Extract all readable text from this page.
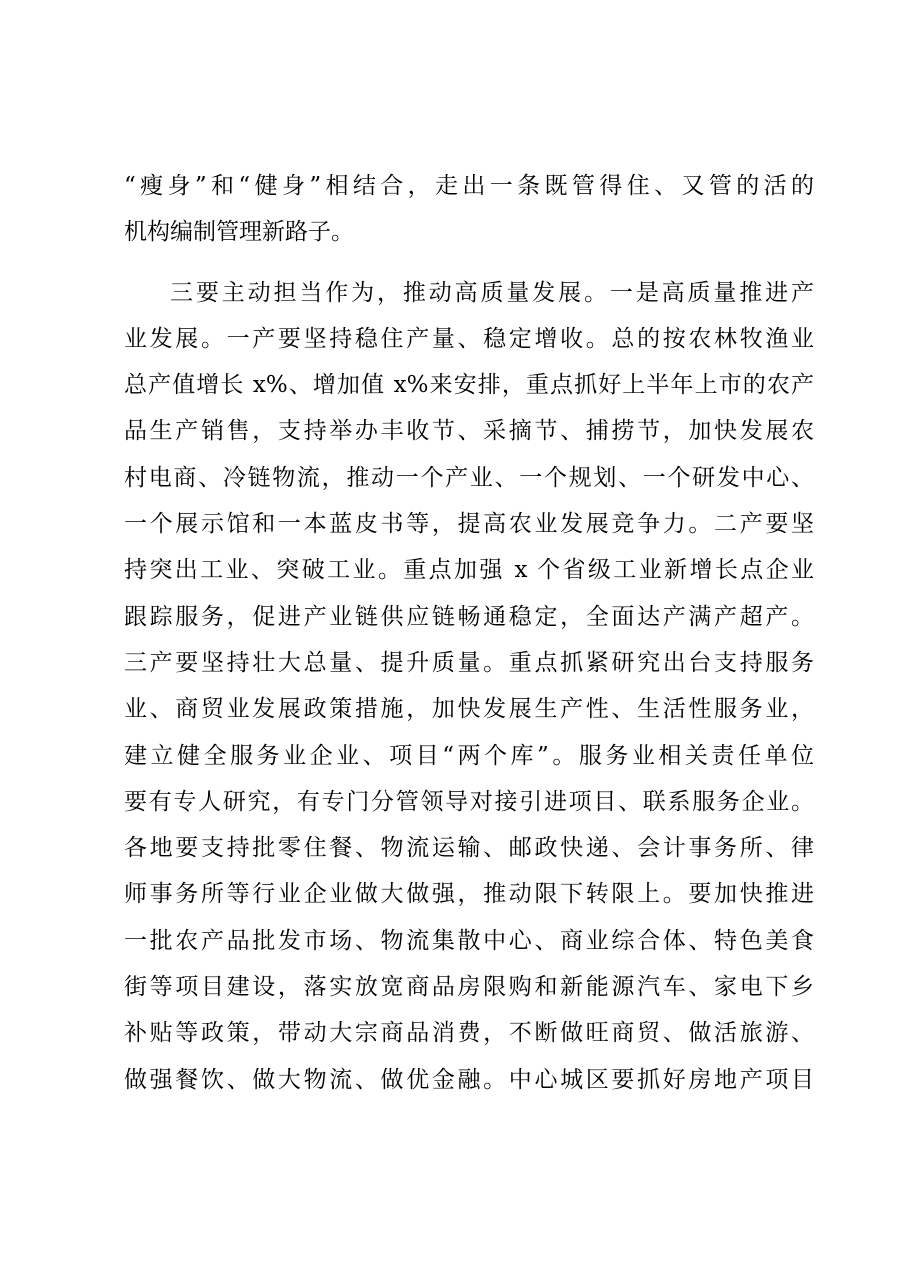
“瘦身”和“健身”相结合，走出一条既管得住、又管的活的
机构编制管理新路子。
三要主动担当作为，推动高质量发展。一是高质量推进产
业发展。一产要坚持稳住产量、稳定增收。总的按农林牧渔业
总产值增长 x%、增加值 x%来安排，重点抓好上半年上市的农产
品生产销售，支持举办丰收节、采摘节、捕捞节，加快发展农
村电商、冷链物流，推动一个产业、一个规划、一个研发中心、
一个展示馆和一本蓝皮书等，提高农业发展竞争力。二产要坚
持突出工业、突破工业。重点加强 x 个省级工业新增长点企业
跟踪服务，促进产业链供应链畅通稳定，全面达产满产超产。
三产要坚持壮大总量、提升质量。重点抓紧研究出台支持服务
业、商贸业发展政策措施，加快发展生产性、生活性服务业，
建立健全服务业企业、项目“两个库”。服务业相关责任单位
要有专人研究，有专门分管领导对接引进项目、联系服务企业。
各地要支持批零住餐、物流运输、邮政快递、会计事务所、律
师事务所等行业企业做大做强，推动限下转限上。要加快推进
一批农产品批发市场、物流集散中心、商业综合体、特色美食
街等项目建设，落实放宽商品房限购和新能源汽车、家电下乡
补贴等政策，带动大宗商品消费，不断做旺商贸、做活旅游、
做强餐饮、做大物流、做优金融。中心城区要抓好房地产项目
